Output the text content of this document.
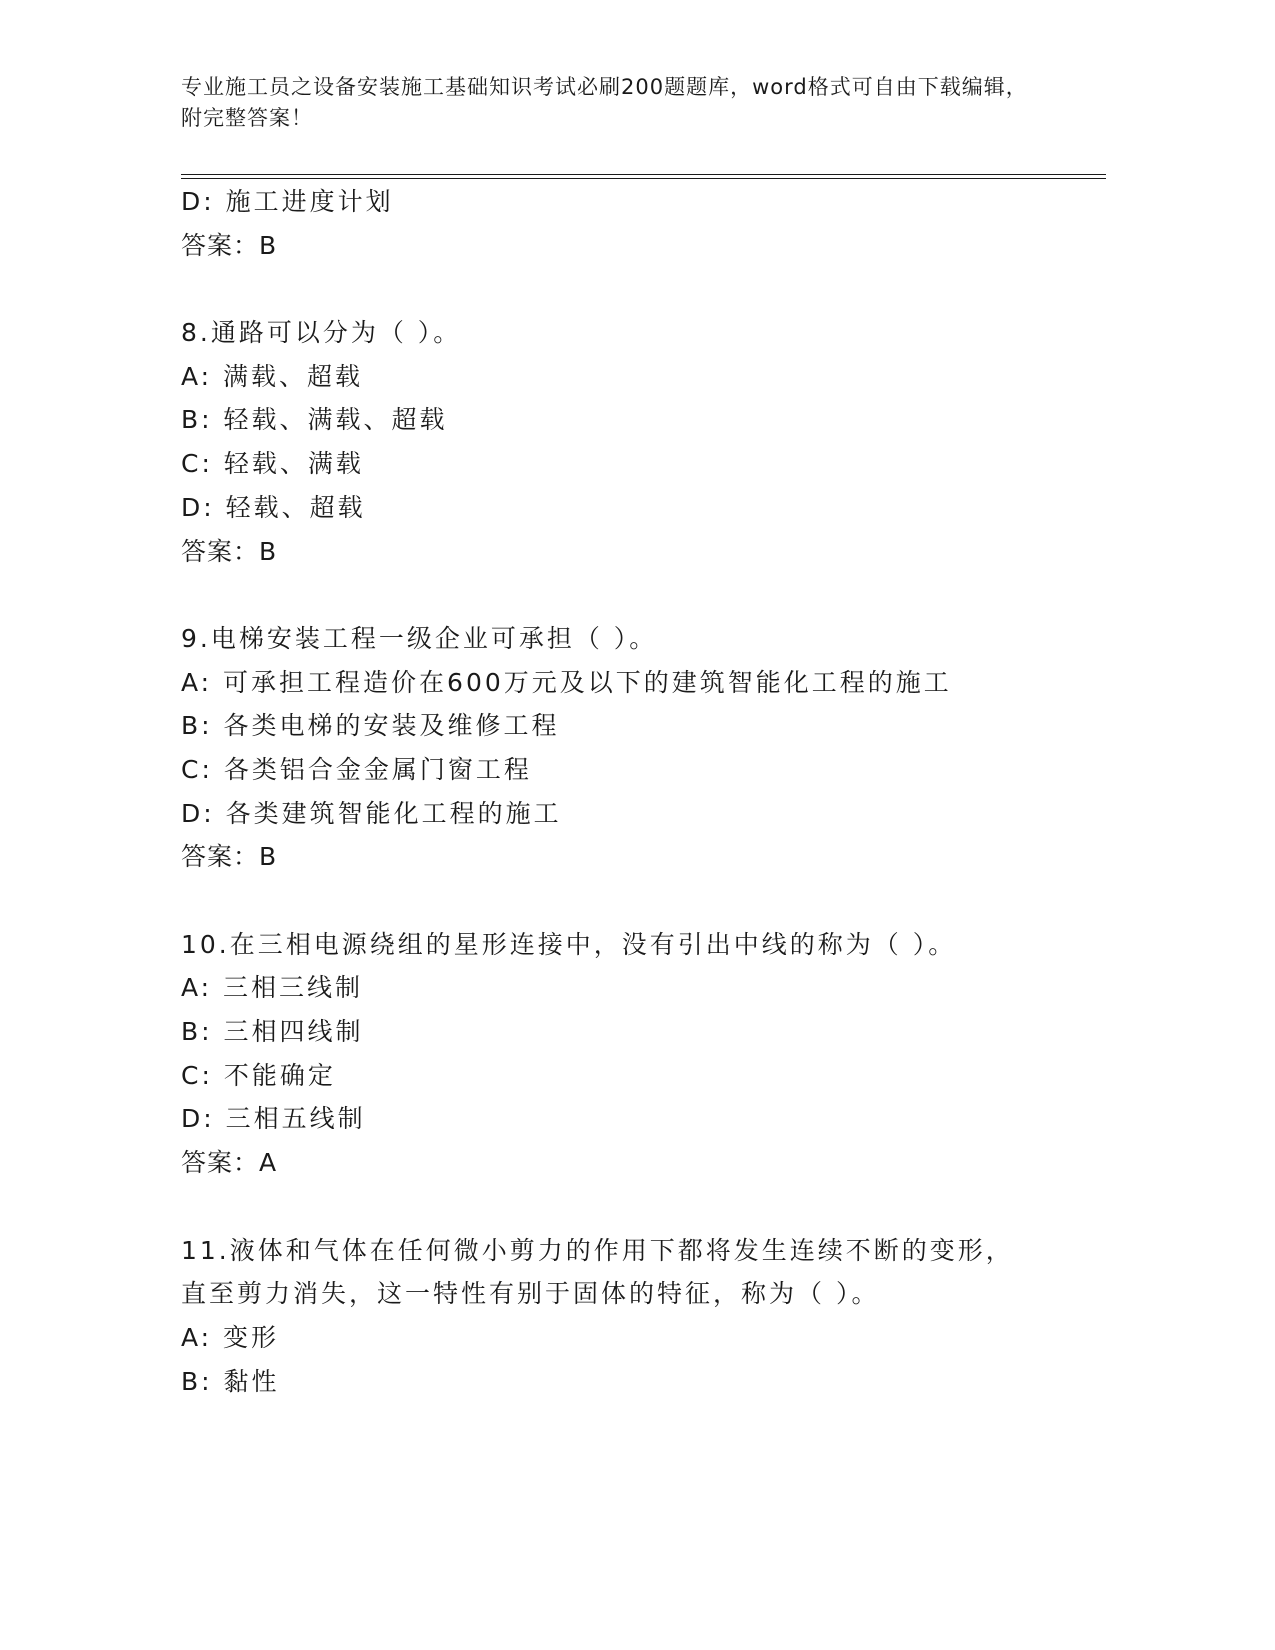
专业施工员之设备安装施工基础知识考试必刷200题题库，word格式可自由下载编辑，附完整答案！
D: 施工进度计划
答案：B
8.通路可以分为（ ）。
A: 满载、超载
B: 轻载、满载、超载
C: 轻载、满载
D: 轻载、超载
答案：B
9.电梯安装工程一级企业可承担（ ）。
A: 可承担工程造价在600万元及以下的建筑智能化工程的施工
B: 各类电梯的安装及维修工程
C: 各类铝合金金属门窗工程
D: 各类建筑智能化工程的施工
答案：B
10.在三相电源绕组的星形连接中，没有引出中线的称为（ ）。
A: 三相三线制
B: 三相四线制
C: 不能确定
D: 三相五线制
答案：A
11.液体和气体在任何微小剪力的作用下都将发生连续不断的变形，直至剪力消失，这一特性有别于固体的特征，称为（ ）。
A: 变形
B: 黏性
